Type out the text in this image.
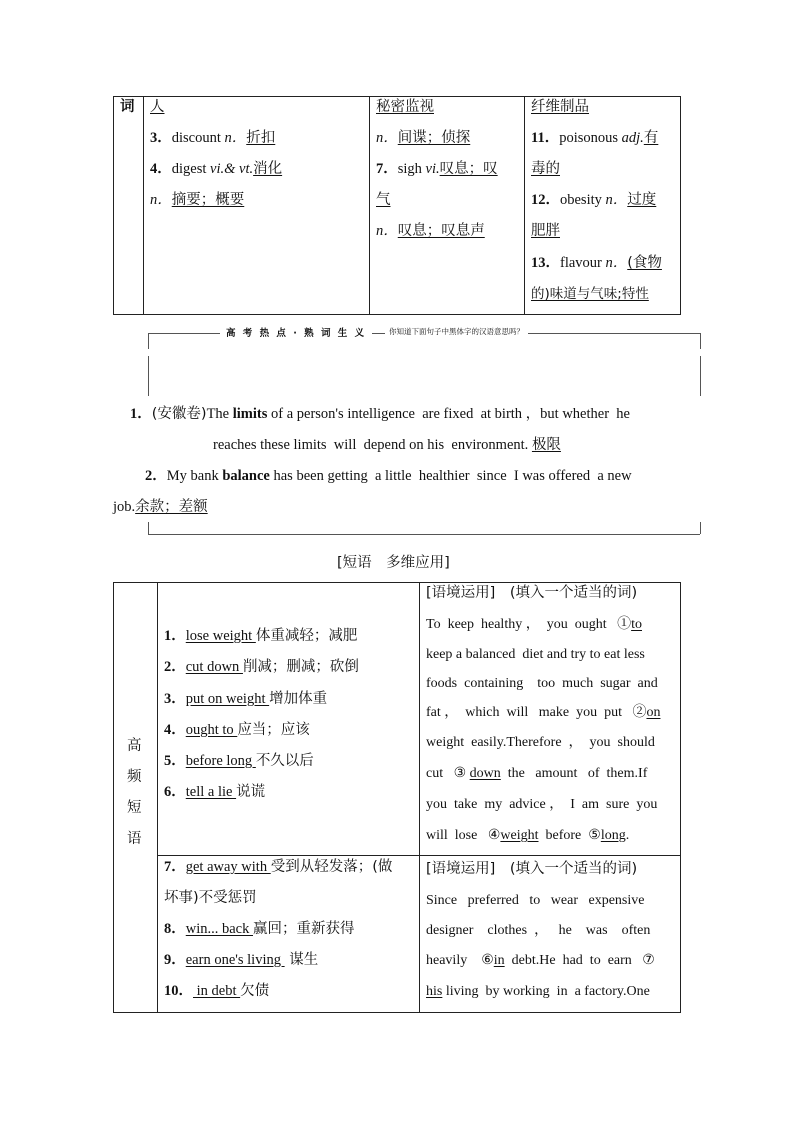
词 人
3．discount n．折扣
4．digest vi.& vt.消化
n．摘要；概要
秘密监视
n．间谍；侦探
7．sigh vi.叹息；叹
气
n．叹息；叹息声
纤维制品
11．poisonous adj.有
毒的
12．obesity n．过度
肥胖
13．flavour n．(食物
的)味道与气味;特性
高 考 热 点 · 熟 词 生 义	你知道下面句子中黑体字的汉语意思吗？
1．(安徽卷)The limits of a person's intelligence  are fixed  at birth ，but whether  he
reaches these limits  will  depend on his  environment. 极限
2．My bank balance has been getting  a little  healthier  since  I was offered  a new
job.余款；差额
[短语　多维应用]
高
频
短
语
1．lose weight 体重减轻；减肥
2．cut down 削减；删减；砍倒
3．put on weight 增加体重
4．ought to 应当；应该
5．before long 不久以后
6．tell a lie 说谎
[语境运用]　(填入一个适当的词)
To  keep  healthy ，  you  ought   ①to
keep a balanced  diet and try to eat less
foods  containing    too  much  sugar  and
fat ，  which  will   make  you  put   ②on
weight  easily.Therefore  ，  you  should
cut   ③ down  the   amount   of  them.If
you  take  my  advice ，  I  am  sure  you
will  lose   ④weight  before  ⑤long.
7．get away with 受到从轻发落；(做
坏事)不受惩罚
8．win... back 赢回；重新获得
9．earn one's living  谋生
10． in debt 欠债
[语境运用]　(填入一个适当的词)
Since   preferred   to   wear   expensive
designer    clothes  ，   he    was    often
heavily    ⑥in  debt.He  had  to  earn   ⑦
his living  by working  in  a factory.One
